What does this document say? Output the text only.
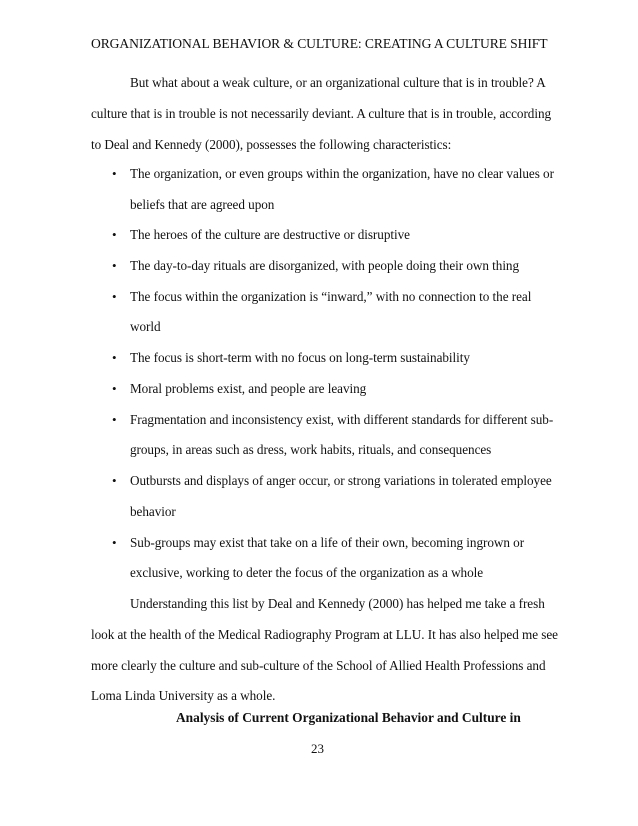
ORGANIZATIONAL BEHAVIOR & CULTURE: CREATING A CULTURE SHIFT
But what about a weak culture, or an organizational culture that is in trouble? A
culture that is in trouble is not necessarily deviant. A culture that is in trouble, according
to Deal and Kennedy (2000), possesses the following characteristics:
• The organization, or even groups within the organization, have no clear values or
beliefs that are agreed upon
• The heroes of the culture are destructive or disruptive
• The day-to-day rituals are disorganized, with people doing their own thing
• The focus within the organization is “inward,” with no connection to the real
world
• The focus is short-term with no focus on long-term sustainability
• Moral problems exist, and people are leaving
• Fragmentation and inconsistency exist, with different standards for different sub-
groups, in areas such as dress, work habits, rituals, and consequences
• Outbursts and displays of anger occur, or strong variations in tolerated employee
behavior
• Sub-groups may exist that take on a life of their own, becoming ingrown or
exclusive, working to deter the focus of the organization as a whole
Understanding this list by Deal and Kennedy (2000) has helped me take a fresh
look at the health of the Medical Radiography Program at LLU. It has also helped me see
more clearly the culture and sub-culture of the School of Allied Health Professions and
Loma Linda University as a whole.
Analysis of Current Organizational Behavior and Culture in
23
